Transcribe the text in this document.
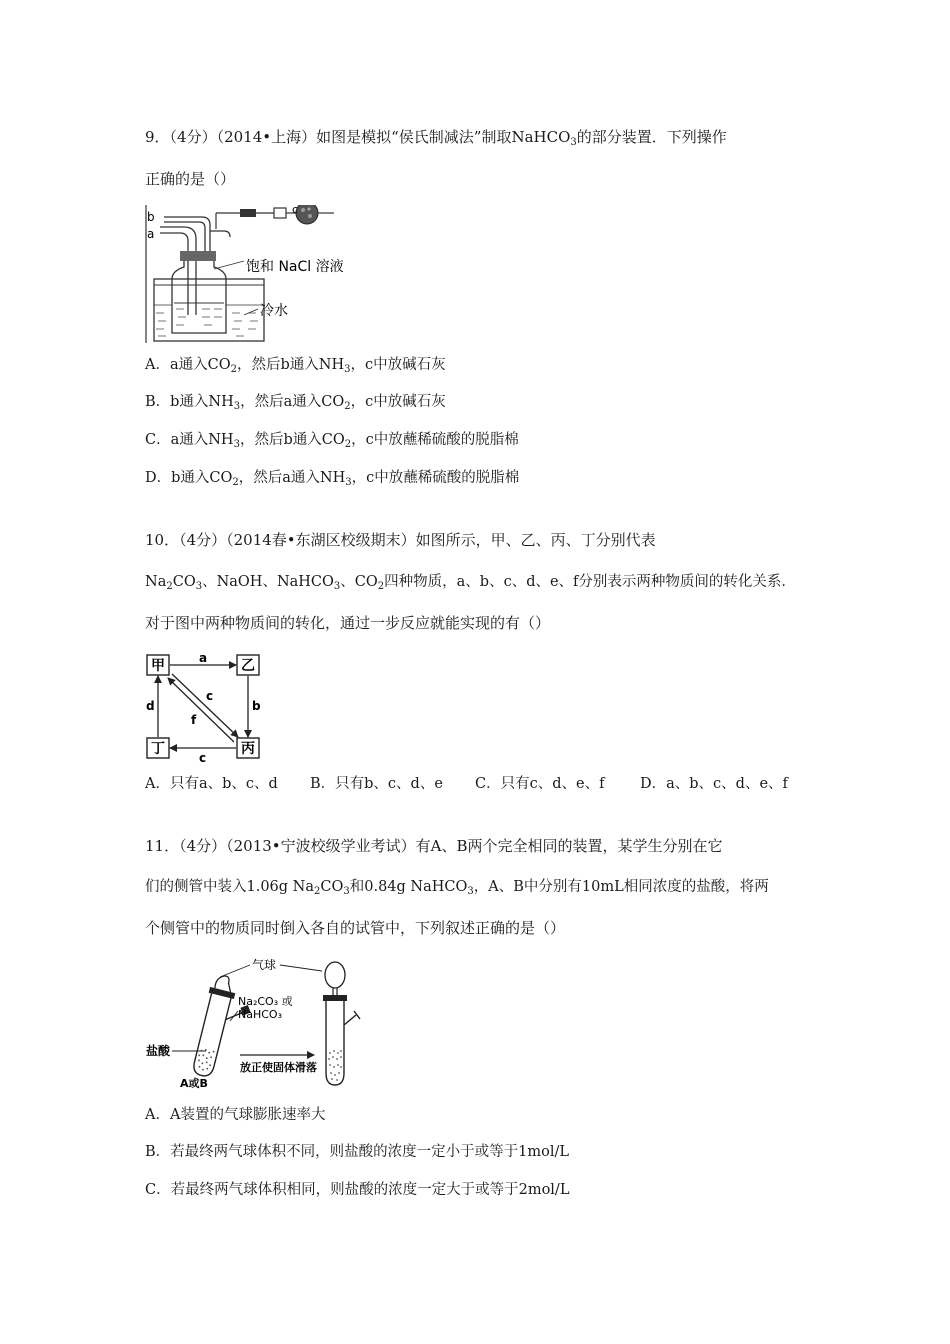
9．（4分）（2014•上海）如图是模拟“侯氏制减法”制取NaHCO$_3$的部分装置．下列操作
正确的是（）
b
a
c
饱和 NaCl 溶液
冷水
A．a通入$CO_2$，然后b通入$NH_3$，c中放碱石灰
B．b通入$NH_3$，然后a通入$CO_2$，c中放碱石灰
C．a通入$NH_3$，然后b通入$CO_2$，c中放蘸稀硫酸的脱脂棉
D．b通入$CO_2$，然后a通入$NH_3$，c中放蘸稀硫酸的脱脂棉
10．（4分）（2014春•东湖区校级期末）如图所示，甲、乙、丙、丁分别代表
$Na_2CO_3$、NaOH、NaHCO$_3$、$CO_2$四种物质，a、b、c、d、e、f分别表示两种物质间的转化关系．
对于图中两种物质间的转化，通过一步反应就能实现的有（）
甲	乙
丁	丙
a
b
c
d
c
f
A．只有a、b、c、d B．只有b、c、d、e C．只有c、d、e、f D．a、b、c、d、e、f
11．（4分）（2013•宁波校级学业考试）有A、B两个完全相同的装置，某学生分别在它
们的侧管中装入1.06g $Na_2CO_3$和0.84g NaHCO$_3$，A、B中分别有10mL相同浓度的盐酸，将两
个侧管中的物质同时倒入各自的试管中，下列叙述正确的是（）
气球
Na₂CO₃ 或
NaHCO₃
盐酸
放正使固体滑落
A或B
A．A装置的气球膨胀速率大
B．若最终两气球体积不同，则盐酸的浓度一定小于或等于1mol/L
C．若最终两气球体积相同，则盐酸的浓度一定大于或等于2mol/L
